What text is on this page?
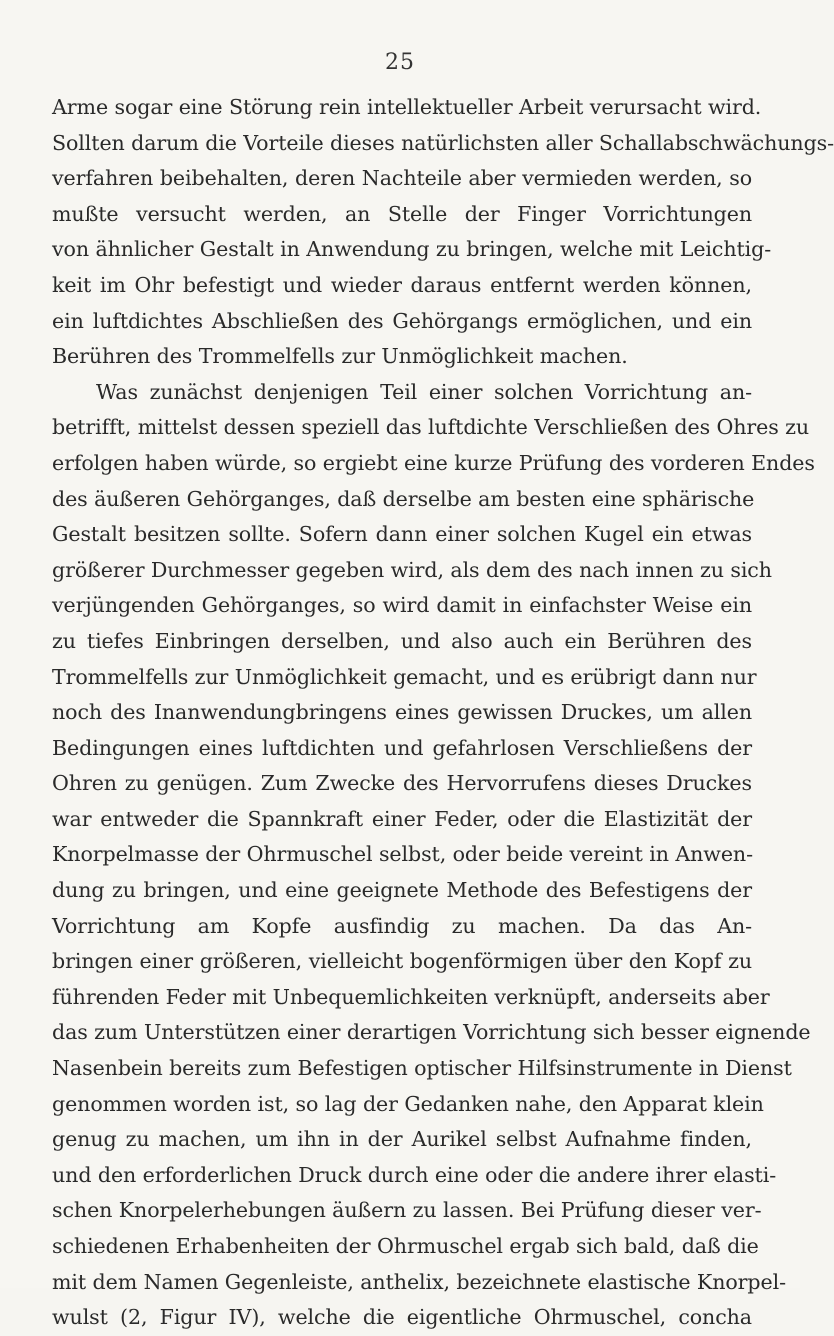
25
Arme sogar eine Störung rein intellektueller Arbeit verursacht wird.
Sollten darum die Vorteile dieses natürlichsten aller Schallabschwächungs-
verfahren beibehalten, deren Nachteile aber vermieden werden, so
mußte versucht werden, an Stelle der Finger Vorrichtungen
von ähnlicher Gestalt in Anwendung zu bringen, welche mit Leichtig-
keit im Ohr befestigt und wieder daraus entfernt werden können,
ein luftdichtes Abschließen des Gehörgangs ermöglichen, und ein
Berühren des Trommelfells zur Unmöglichkeit machen.
Was zunächst denjenigen Teil einer solchen Vorrichtung an-
betrifft, mittelst dessen speziell das luftdichte Verschließen des Ohres zu
erfolgen haben würde, so ergiebt eine kurze Prüfung des vorderen Endes
des äußeren Gehörganges, daß derselbe am besten eine sphärische
Gestalt besitzen sollte. Sofern dann einer solchen Kugel ein etwas
größerer Durchmesser gegeben wird, als dem des nach innen zu sich
verjüngenden Gehörganges, so wird damit in einfachster Weise ein
zu tiefes Einbringen derselben, und also auch ein Berühren des
Trommelfells zur Unmöglichkeit gemacht, und es erübrigt dann nur
noch des Inanwendungbringens eines gewissen Druckes, um allen
Bedingungen eines luftdichten und gefahrlosen Verschließens der
Ohren zu genügen. Zum Zwecke des Hervorrufens dieses Druckes
war entweder die Spannkraft einer Feder, oder die Elastizität der
Knorpelmasse der Ohrmuschel selbst, oder beide vereint in Anwen-
dung zu bringen, und eine geeignete Methode des Befestigens der
Vorrichtung am Kopfe ausfindig zu machen. Da das An-
bringen einer größeren, vielleicht bogenförmigen über den Kopf zu
führenden Feder mit Unbequemlichkeiten verknüpft, anderseits aber
das zum Unterstützen einer derartigen Vorrichtung sich besser eignende
Nasenbein bereits zum Befestigen optischer Hilfsinstrumente in Dienst
genommen worden ist, so lag der Gedanken nahe, den Apparat klein
genug zu machen, um ihn in der Aurikel selbst Aufnahme finden,
und den erforderlichen Druck durch eine oder die andere ihrer elasti-
schen Knorpelerhebungen äußern zu lassen. Bei Prüfung dieser ver-
schiedenen Erhabenheiten der Ohrmuschel ergab sich bald, daß die
mit dem Namen Gegenleiste, anthelix, bezeichnete elastische Knorpel-
wulst (2, Figur IV), welche die eigentliche Ohrmuschel, concha
